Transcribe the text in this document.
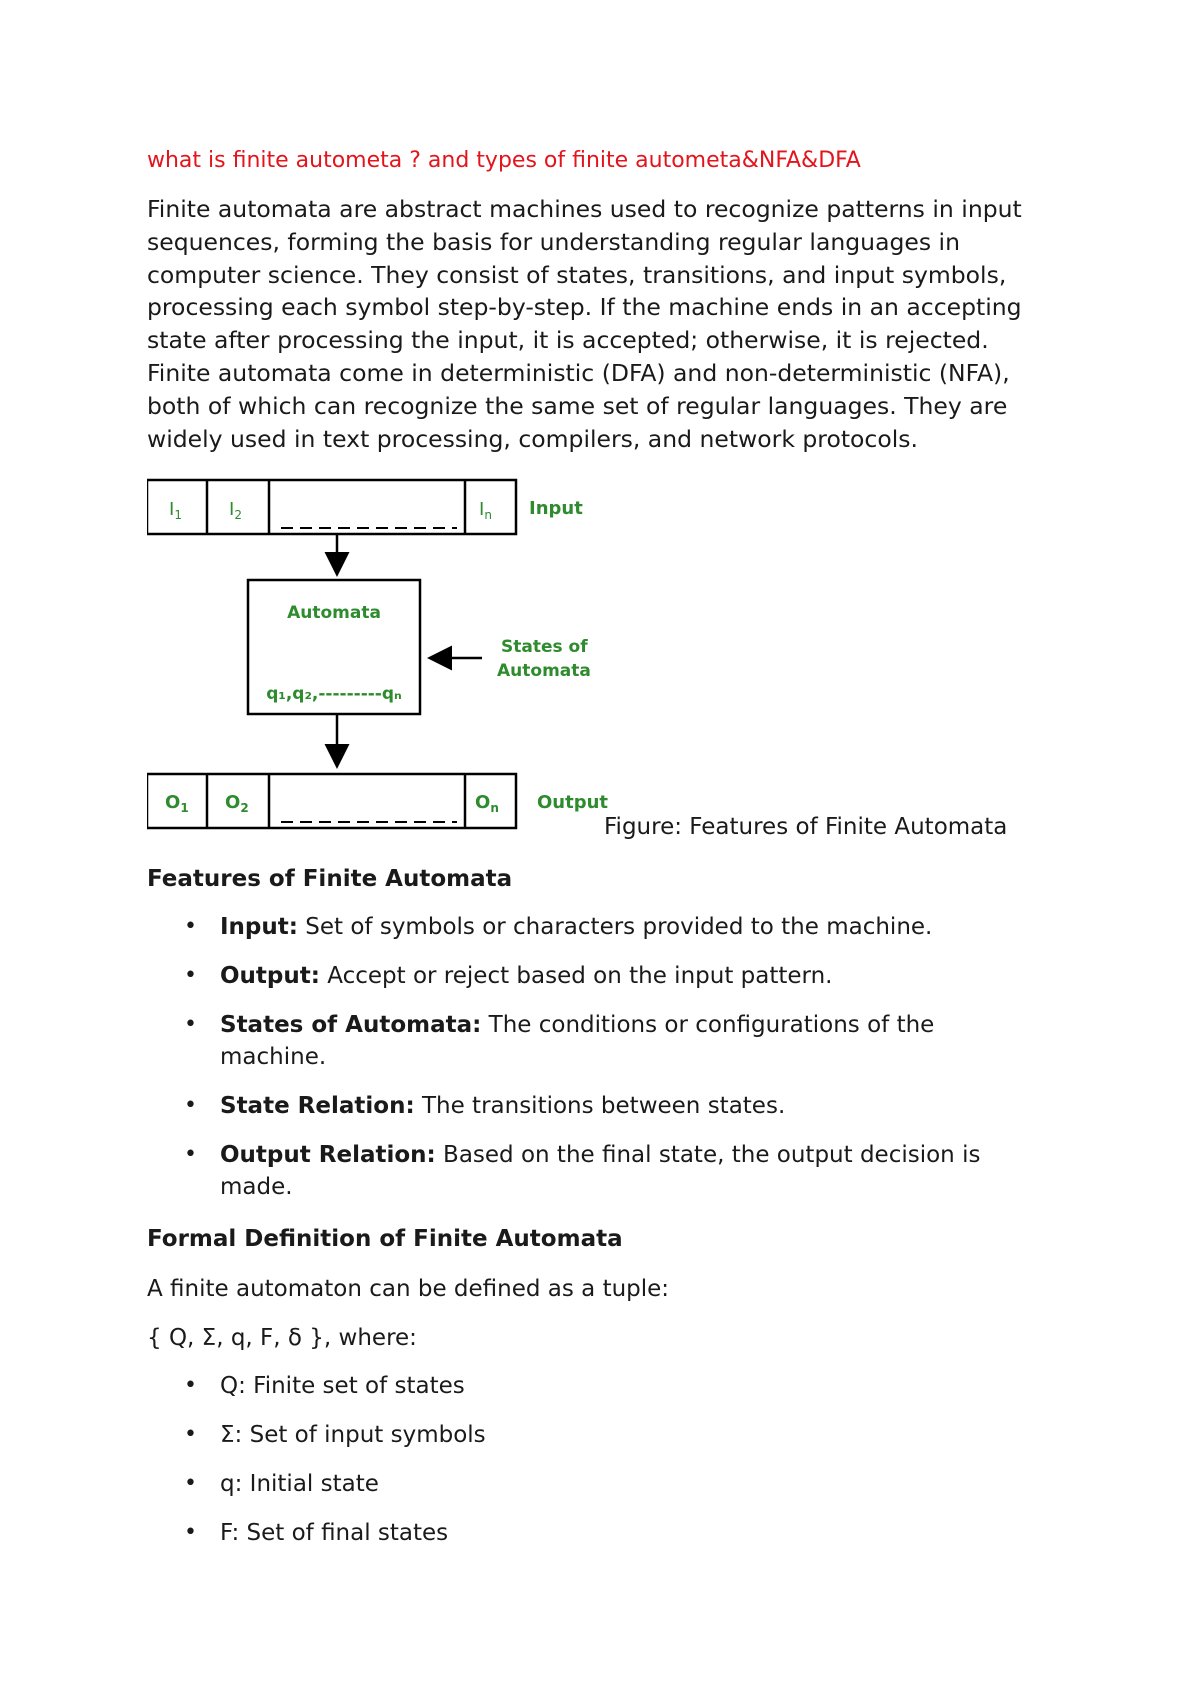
what is finite autometa ? and types of finite autometa&NFA&DFA
Finite automata are abstract machines used to recognize patterns in input
sequences, forming the basis for understanding regular languages in
computer science. They consist of states, transitions, and input symbols,
processing each symbol step-by-step. If the machine ends in an accepting
state after processing the input, it is accepted; otherwise, it is rejected.
Finite automata come in deterministic (DFA) and non-deterministic (NFA),
both of which can recognize the same set of regular languages. They are
widely used in text processing, compilers, and network protocols.
$I_1$	$I_2$	$I_n$ Input
Automata
q₁,q₂,---------qₙ
States of
Automata
$O_1$ $O_2$	$O_n$ Output
Figure: Features of Finite Automata
Features of Finite Automata
• Input: Set of symbols or characters provided to the machine.
• Output: Accept or reject based on the input pattern.
• States of Automata: The conditions or configurations of the machine.
• State Relation: The transitions between states.
• Output Relation: Based on the final state, the output decision is made.
Formal Definition of Finite Automata
A finite automaton can be defined as a tuple:
{ Q, Σ, q, F, δ }, where:
• Q: Finite set of states
• Σ: Set of input symbols
• q: Initial state
• F: Set of final states
